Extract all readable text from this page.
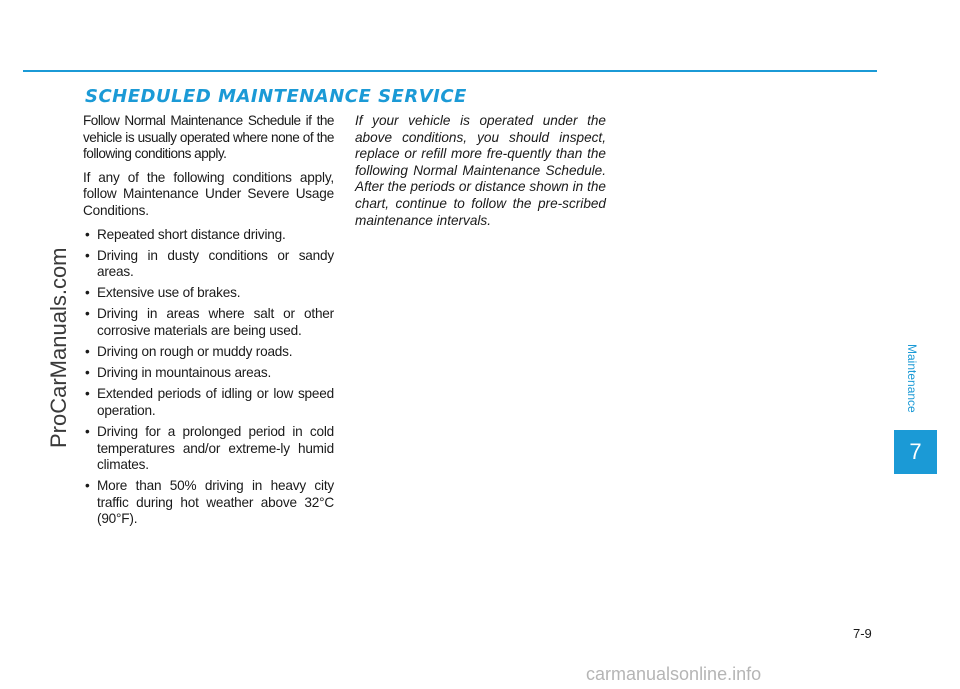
SCHEDULED MAINTENANCE SERVICE

Follow Normal Maintenance Schedule if the vehicle is usually operated where none of the following conditions apply.

If any of the following conditions apply, follow Maintenance Under Severe Usage Conditions.

• Repeated short distance driving.
• Driving in dusty conditions or sandy areas.
• Extensive use of brakes.
• Driving in areas where salt or other corrosive materials are being used.
• Driving on rough or muddy roads.
• Driving in mountainous areas.
• Extended periods of idling or low speed operation.
• Driving for a prolonged period in cold temperatures and/or extreme-ly humid climates.
• More than 50% driving in heavy city traffic during hot weather above 32°C (90°F).

If your vehicle is operated under the above conditions, you should inspect, replace or refill more fre-quently than the following Normal Maintenance Schedule. After the periods or distance shown in the chart, continue to follow the pre-scribed maintenance intervals.

Maintenance
7
7-9
ProCarManuals.com
carmanualsonline.info
